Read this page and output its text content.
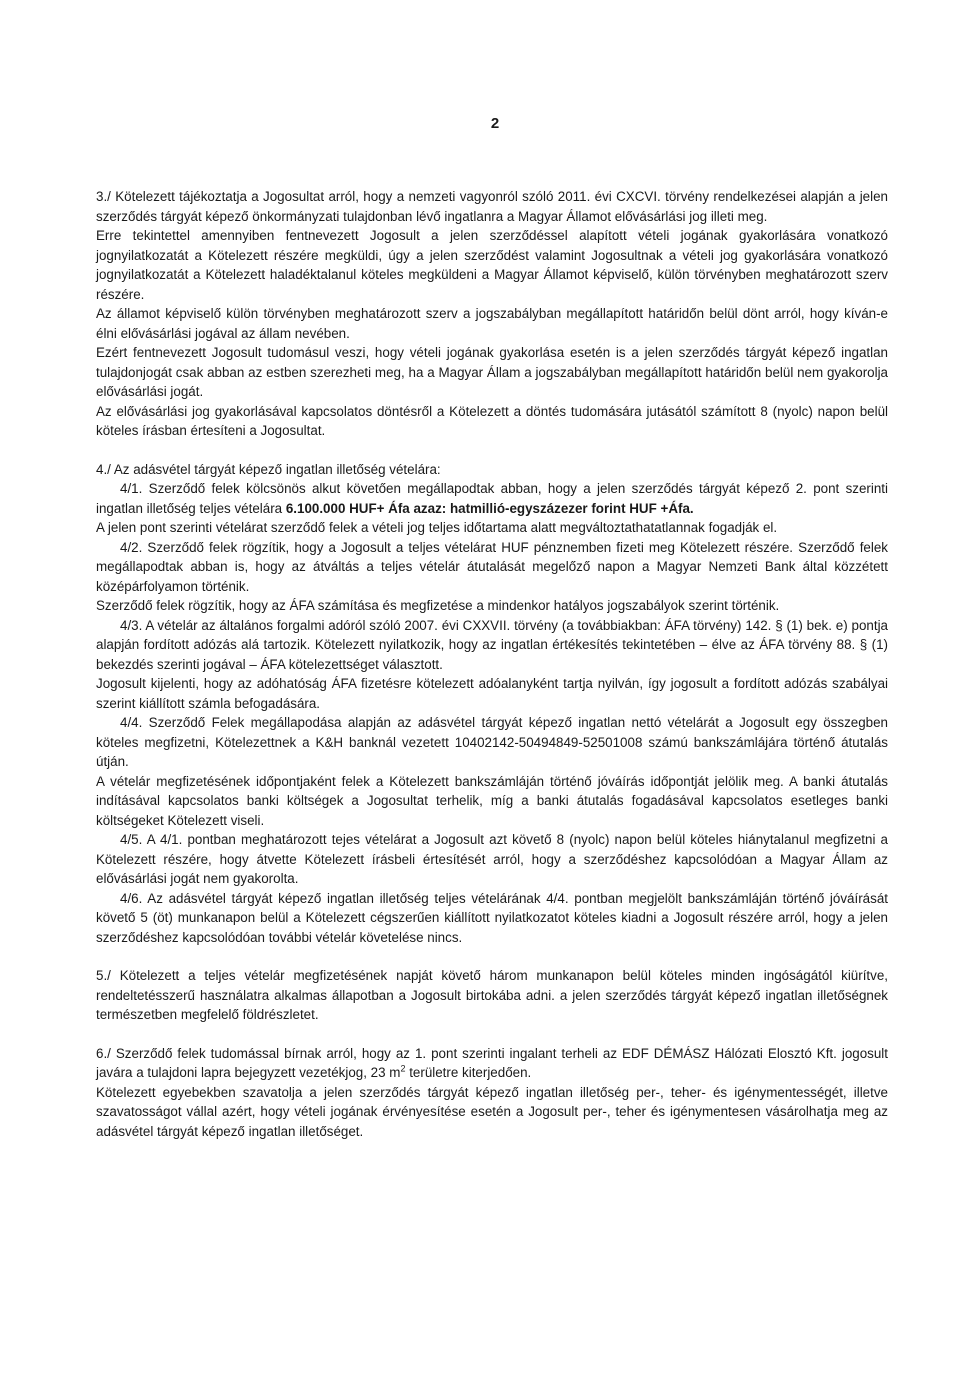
2

3./ Kötelezett tájékoztatja a Jogosultat arról, hogy a nemzeti vagyonról szóló 2011. évi CXCVI. törvény rendelkezései alapján a jelen szerződés tárgyát képező önkormányzati tulajdonban lévő ingatlanra a Magyar Államot elővásárlási jog illeti meg.

Erre tekintettel amennyiben fentnevezett Jogosult a jelen szerződéssel alapított vételi jogának gyakorlására vonatkozó jognyilatkozatát a Kötelezett részére megküldi, úgy a jelen szerződést valamint Jogosultnak a vételi jog gyakorlására vonatkozó jognyilatkozatát a Kötelezett haladéktalanul köteles megküldeni a Magyar Államot képviselő, külön törvényben meghatározott szerv részére.

Az államot képviselő külön törvényben meghatározott szerv a jogszabályban megállapított határidőn belül dönt arról, hogy kíván-e élni elővásárlási jogával az állam nevében.

Ezért fentnevezett Jogosult tudomásul veszi, hogy vételi jogának gyakorlása esetén is a jelen szerződés tárgyát képező ingatlan tulajdonjogát csak abban az estben szerezheti meg, ha a Magyar Állam a jogszabályban megállapított határidőn belül nem gyakorolja elővásárlási jogát.

Az elővásárlási jog gyakorlásával kapcsolatos döntésről a Kötelezett a döntés tudomására jutásától számított 8 (nyolc) napon belül köteles írásban értesíteni a Jogosultat.

4./ Az adásvétel tárgyát képező ingatlan illetőség vételára:

4/1. Szerződő felek kölcsönös alkut követően megállapodtak abban, hogy a jelen szerződés tárgyát képező 2. pont szerinti ingatlan illetőség teljes vételára 6.100.000 HUF+ Áfa azaz: hatmillió-egyszázezer forint HUF +Áfa.

A jelen pont szerinti vételárat szerződő felek a vételi jog teljes időtartama alatt megváltoztathatatlannak fogadják el.

4/2. Szerződő felek rögzítik, hogy a Jogosult a teljes vételárat HUF pénznemben fizeti meg Kötelezett részére. Szerződő felek megállapodtak abban is, hogy az átváltás a teljes vételár átutalását megelőző napon a Magyar Nemzeti Bank által közzétett középárfolyamon történik.

Szerződő felek rögzítik, hogy az ÁFA számítása és megfizetése a mindenkor hatályos jogszabályok szerint történik.

4/3. A vételár az általános forgalmi adóról szóló 2007. évi CXXVII. törvény (a továbbiakban: ÁFA törvény) 142. § (1) bek. e) pontja alapján fordított adózás alá tartozik. Kötelezett nyilatkozik, hogy az ingatlan értékesítés tekintetében – élve az ÁFA törvény 88. § (1) bekezdés szerinti jogával – ÁFA kötelezettséget választott.

Jogosult kijelenti, hogy az adóhatóság ÁFA fizetésre kötelezett adóalanyként tartja nyilván, így jogosult a fordított adózás szabályai szerint kiállított számla befogadására.

4/4. Szerződő Felek megállapodása alapján az adásvétel tárgyát képező ingatlan nettó vételárát a Jogosult egy összegben köteles megfizetni, Kötelezettnek a K&H banknál vezetett 10402142-50494849-52501008 számú bankszámlájára történő átutalás útján.

A vételár megfizetésének időpontjaként felek a Kötelezett bankszámláján történő jóváírás időpontját jelölik meg. A banki átutalás indításával kapcsolatos banki költségek a Jogosultat terhelik, míg a banki átutalás fogadásával kapcsolatos esetleges banki költségeket Kötelezett viseli.

4/5. A 4/1. pontban meghatározott tejes vételárat a Jogosult azt követő 8 (nyolc) napon belül köteles hiánytalanul megfizetni a Kötelezett részére, hogy átvette Kötelezett írásbeli értesítését arról, hogy a szerződéshez kapcsolódóan a Magyar Állam az elővásárlási jogát nem gyakorolta.

4/6. Az adásvétel tárgyát képező ingatlan illetőség teljes vételárának 4/4. pontban megjelölt bankszámláján történő jóváírását követő 5 (öt) munkanapon belül a Kötelezett cégszerűen kiállított nyilatkozatot köteles kiadni a Jogosult részére arról, hogy a jelen szerződéshez kapcsolódóan további vételár követelése nincs.

5./ Kötelezett a teljes vételár megfizetésének napját követő három munkanapon belül köteles minden ingóságától kiürítve, rendeltetésszerű használatra alkalmas állapotban a Jogosult birtokába adni. a jelen szerződés tárgyát képező ingatlan illetőségnek természetben megfelelő földrészletet.

6./ Szerződő felek tudomással bírnak arról, hogy az 1. pont szerinti ingalant terheli az EDF DÉMÁSZ Hálózati Elosztó Kft. jogosult javára a tulajdoni lapra bejegyzett vezetékjog, 23 $m^2$ területre kiterjedően.

Kötelezett egyebekben szavatolja a jelen szerződés tárgyát képező ingatlan illetőség per-, teher- és igénymentességét, illetve szavatosságot vállal azért, hogy vételi jogának érvényesítése esetén a Jogosult per-, teher és igénymentesen vásárolhatja meg az adásvétel tárgyát képező ingatlan illetőséget.
